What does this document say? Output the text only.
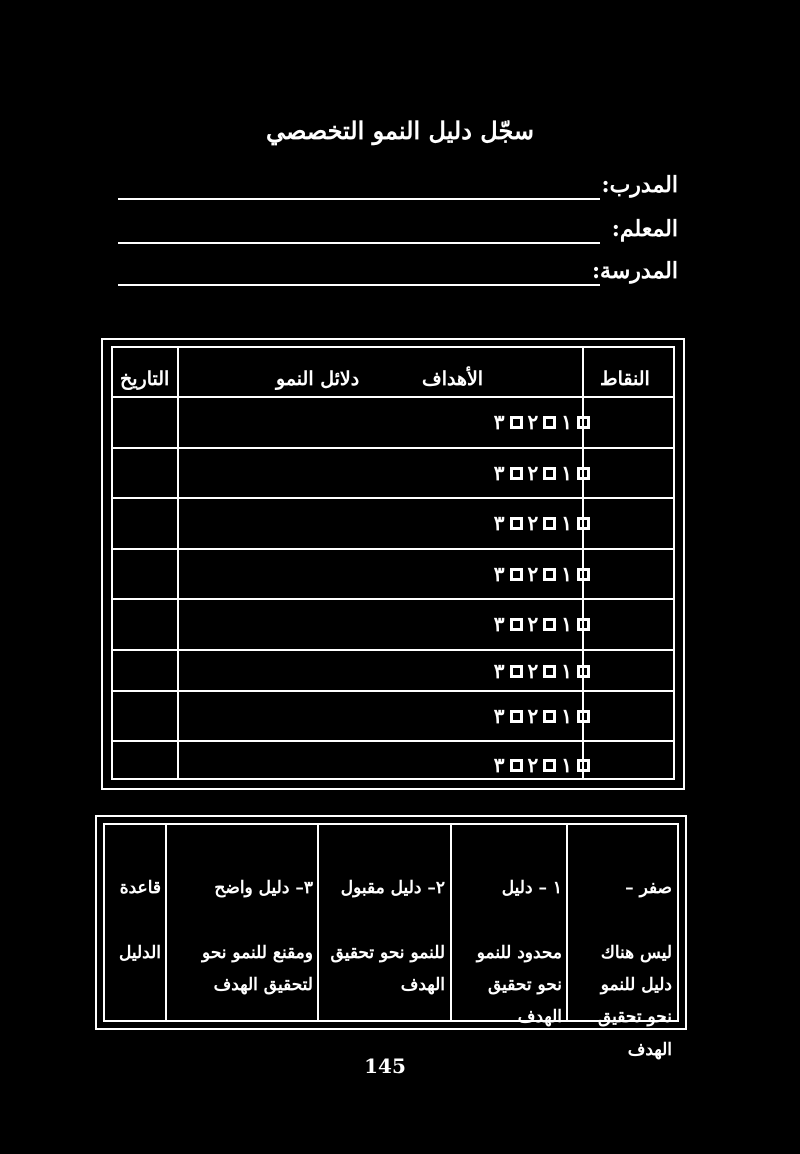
سجّل دليل النمو التخصصي
المدرب:
المعلم:
المدرسة:
النقاط
الأهداف
دلائل النمو
التاريخ
١
٢
٣
١
٢
٣
١
٢
٣
١
٢
٣
١
٢
٣
١
٢
٣
١
٢
٣
١
٢
٣

صفر –

ليس هناك دليل للنمو نحو تحقيق الهدف

١ – دليل

محدود للنمو نحو تحقيق الهدف

٢– دليل مقبول

للنمو نحو تحقيق الهدف

٣– دليل واضح

ومقنع للنمو نحو لتحقيق الهدف

قاعدة

الدليل

145
